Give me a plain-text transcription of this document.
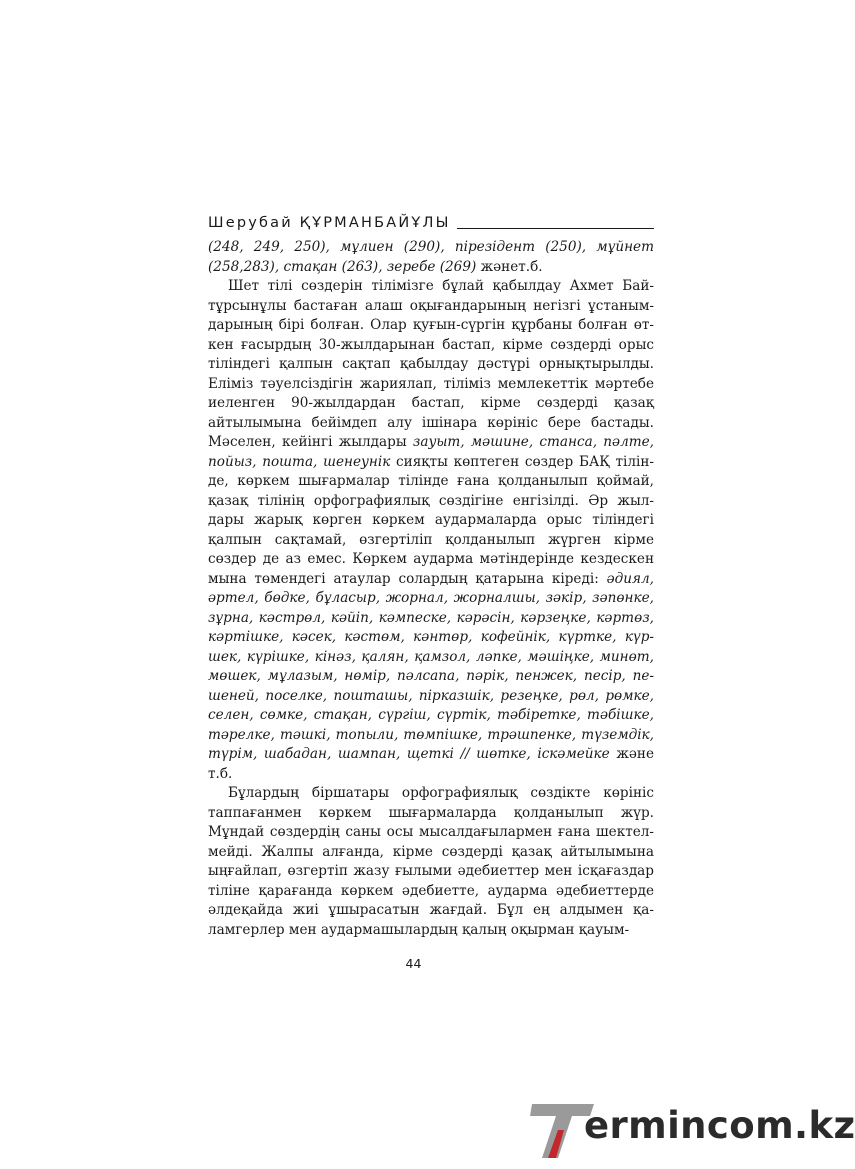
Шерубай ҚҰРМАНБАЙҰЛЫ

(248, 249, 250), мұлиен (290), пірезідент (250), мұйнет (258,283), стақан (263), зеребе (269) жәнет.б.

Шет тілі сөздерін тілімізге бұлай қабылдау Ахмет Байтұрсынұлы бастаған алаш оқығандарының негізгі ұстанымдарының бірі болған. Олар қуғын-сүргін құрбаны болған өткен ғасырдың 30-жылдарынан бастап, кірме сөздерді орыс тіліндегі қалпын сақтап қабылдау дәстүрі орнықтырылды. Еліміз тәуелсіздігін жариялап, тіліміз мемлекеттік мәртебе иеленген 90-жылдардан бастап, кірме сөздерді қазақ айтылымына бейімдеп алу ішінара көрініс бере бастады. Мәселен, кейінгі жылдары зауыт, мәшине, станса, пәлте, пойыз, пошта, шенеунік сияқты көптеген сөздер БАҚ тілінде, көркем шығармалар тілінде ғана қолданылып қоймай, қазақ тілінің орфографиялық сөздігіне енгізілді. Әр жылдары жарық көрген көркем аудармаларда орыс тіліндегі қалпын сақтамай, өзгертіліп қолданылып жүрген кірме сөздер де аз емес. Көркем аударма мәтіндерінде кездескен мына төмендегі атаулар солардың қатарына кіреді: әдиял, әртел, бөдке, бұласыр, жорнал, жорналшы, зәкір, зәпөнке, зұрна, кәстрөл, кәйіп, кәмпеске, кәрәсін, кәрзеңке, кәртөз, кәртішке, кәсек, кәстөм, кәнтөр, кофейнік, күртке, күршек, күрішке, кінәз, қалян, қамзол, ләпке, мәшіңке, минөт, мөшек, мұлазым, нөмір, пәлсапа, пәрік, пенжек, песір, пешеней, поселке, пошташы, пірказшік, резеңке, рөл, рөмке, селен, сөмке, стақан, сүргіш, сүртік, тәбіретке, тәбішке, тәрелке, тәшкі, топыли, төмпішке, трәшпенке, түземдік, түрім, шабадан, шампан, щеткі // шөтке, іскәмейке және т.б.

Бұлардың біршатары орфографиялық сөздікте көрініс таппағанмен көркем шығармаларда қолданылып жүр. Мұндай сөздердің саны осы мысалдағылармен ғана шектелмейді. Жалпы алғанда, кірме сөздерді қазақ айтылымына ыңғайлап, өзгертіп жазу ғылыми әдебиеттер мен ісқағаздар тіліне қарағанда көркем әдебиетте, аударма әдебиеттерде әлдеқайда жиі ұшырасатын жағдай. Бұл ең алдымен қаламгерлер мен аудармашылардың қалың оқырман қауым-

44
ermincom.kz
